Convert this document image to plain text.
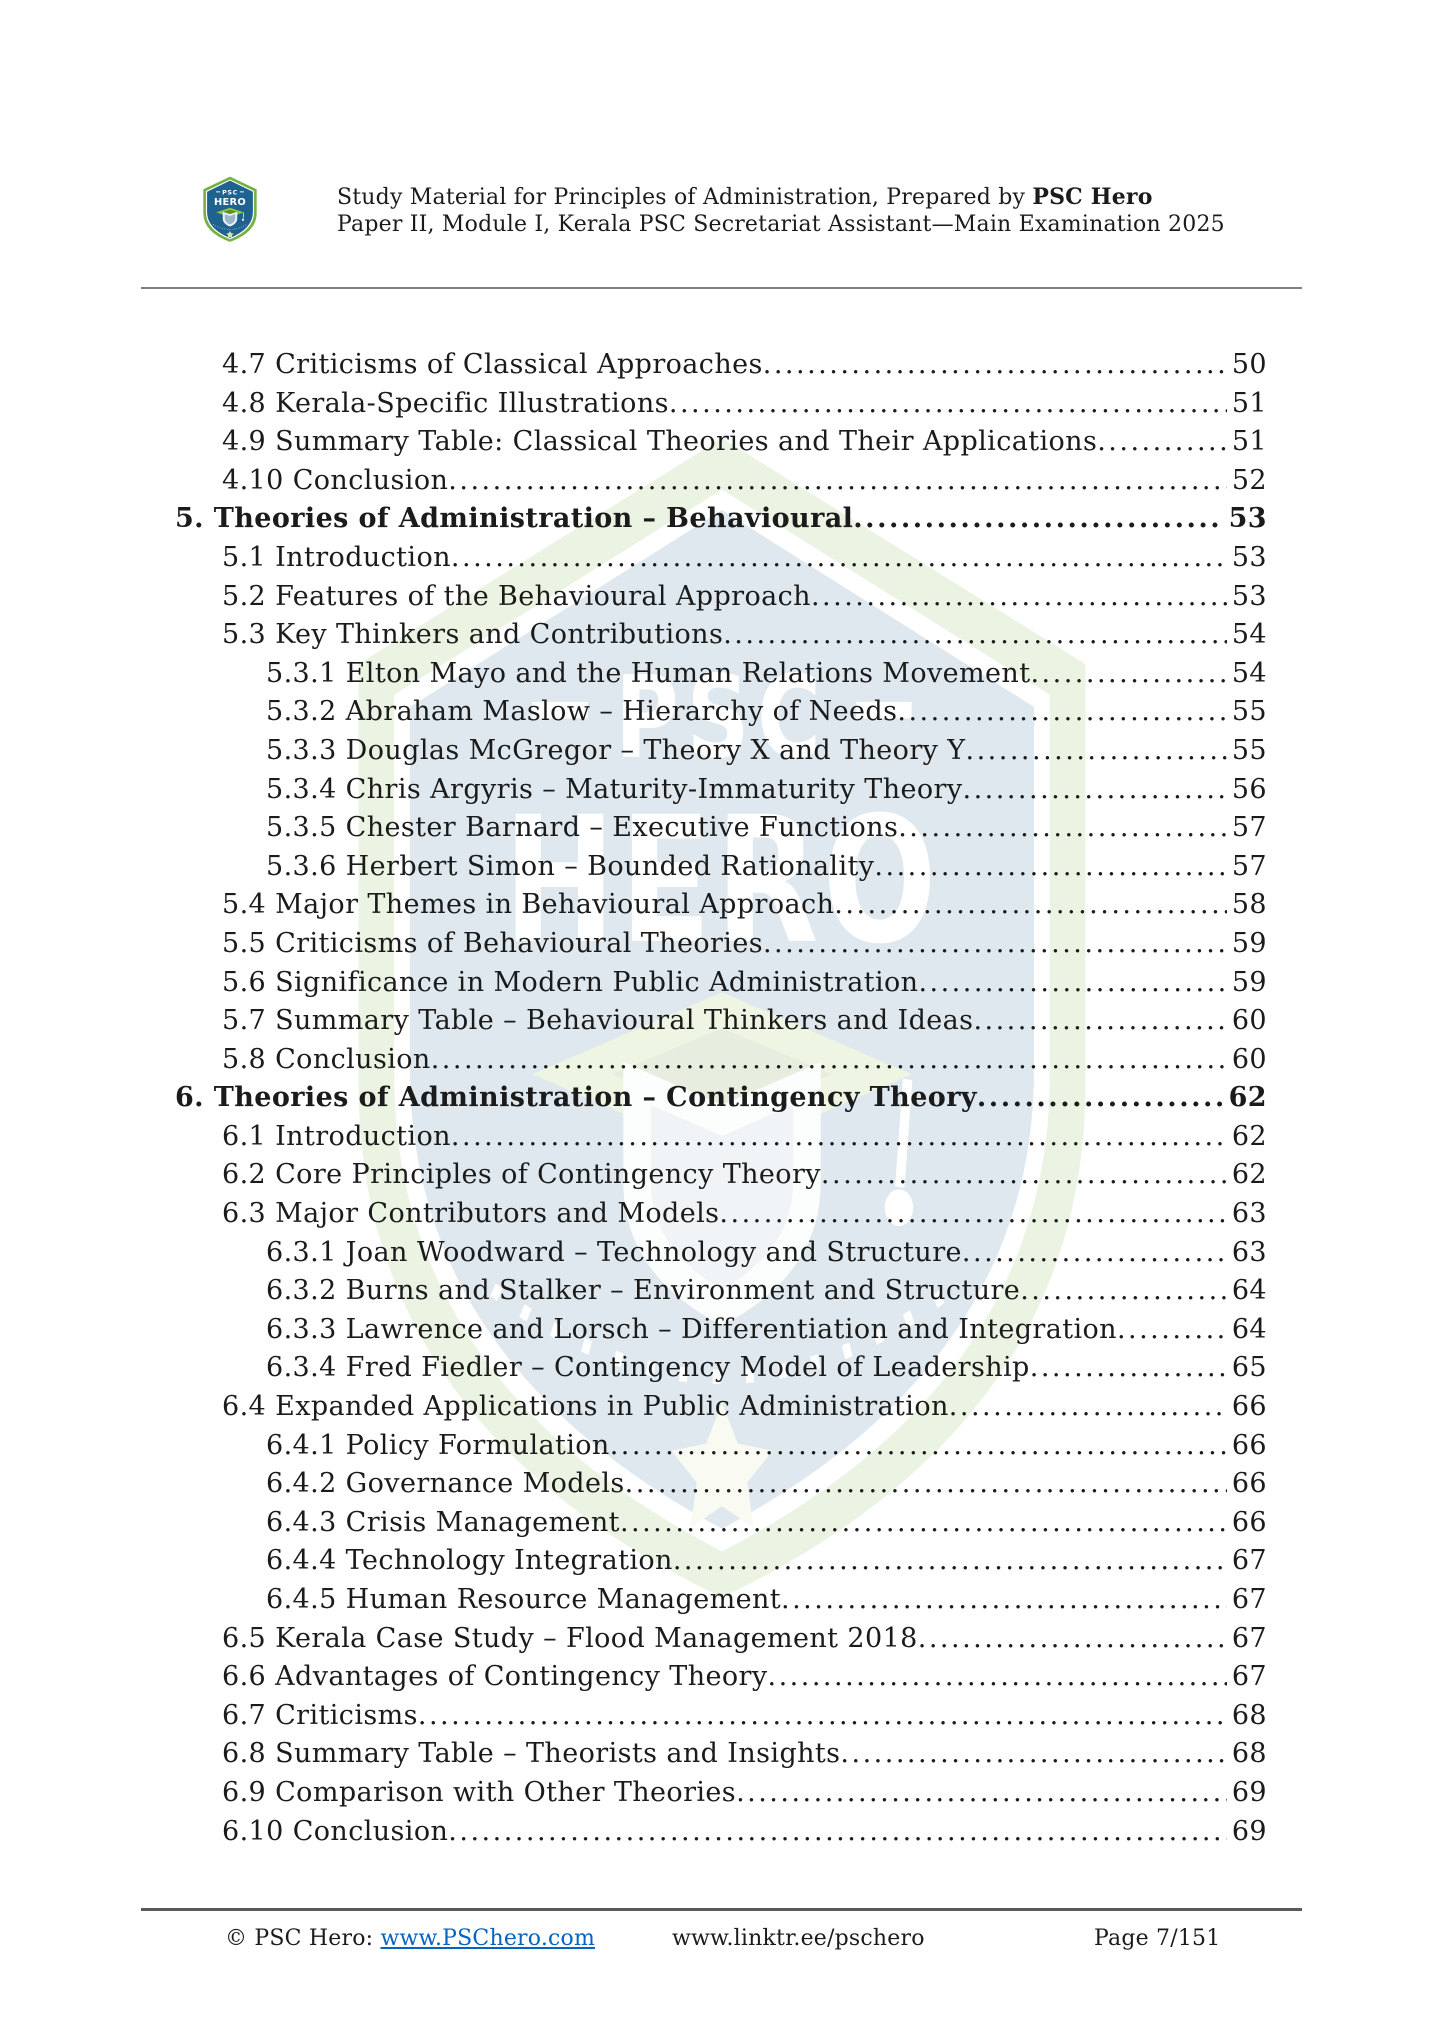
Study Material for Principles of Administration, Prepared by PSC Hero
Paper II, Module I, Kerala PSC Secretariat Assistant—Main Examination 2025
4.7 Criticisms of Classical Approaches .....	50
4.8 Kerala-Specific Illustrations .....	51
4.9 Summary Table: Classical Theories and Their Applications .....	51
4.10 Conclusion .....	52
5. Theories of Administration – Behavioural .....	53
5.1 Introduction .....	53
5.2 Features of the Behavioural Approach .....	53
5.3 Key Thinkers and Contributions .....	54
5.3.1 Elton Mayo and the Human Relations Movement .....	54
5.3.2 Abraham Maslow – Hierarchy of Needs .....	55
5.3.3 Douglas McGregor – Theory X and Theory Y .....	55
5.3.4 Chris Argyris – Maturity-Immaturity Theory .....	56
5.3.5 Chester Barnard – Executive Functions .....	57
5.3.6 Herbert Simon – Bounded Rationality .....	57
5.4 Major Themes in Behavioural Approach .....	58
5.5 Criticisms of Behavioural Theories .....	59
5.6 Significance in Modern Public Administration .....	59
5.7 Summary Table – Behavioural Thinkers and Ideas .....	60
5.8 Conclusion .....	60
6. Theories of Administration – Contingency Theory .....	62
6.1 Introduction .....	62
6.2 Core Principles of Contingency Theory .....	62
6.3 Major Contributors and Models .....	63
6.3.1 Joan Woodward – Technology and Structure .....	63
6.3.2 Burns and Stalker – Environment and Structure .....	64
6.3.3 Lawrence and Lorsch – Differentiation and Integration .....	64
6.3.4 Fred Fiedler – Contingency Model of Leadership .....	65
6.4 Expanded Applications in Public Administration .....	66
6.4.1 Policy Formulation .....	66
6.4.2 Governance Models .....	66
6.4.3 Crisis Management .....	66
6.4.4 Technology Integration .....	67
6.4.5 Human Resource Management .....	67
6.5 Kerala Case Study – Flood Management 2018 .....	67
6.6 Advantages of Contingency Theory .....	67
6.7 Criticisms .....	68
6.8 Summary Table – Theorists and Insights .....	68
6.9 Comparison with Other Theories .....	69
6.10 Conclusion .....	69
© PSC Hero: www.PSChero.com	www.linktr.ee/pschero	Page 7/151
